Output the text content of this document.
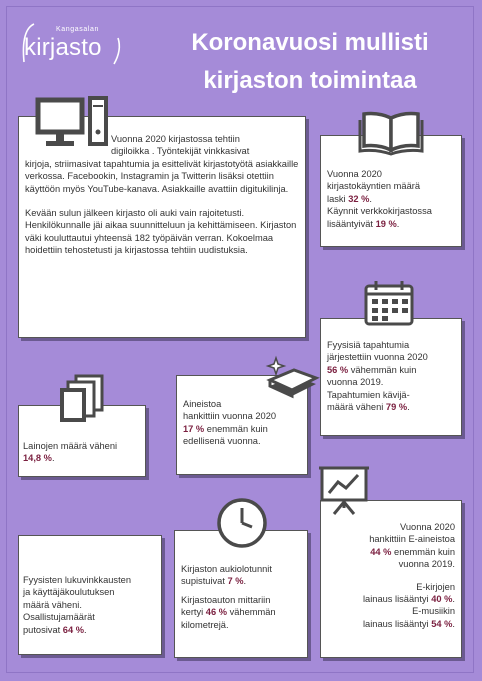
Kangasalan
kirjasto	Koronavuosi mullisti
kirjaston toimintaa
Vuonna 2020 kirjastossa tehtiin
digiloikka . Työntekijät vinkkasivat
kirjoja, striimasivat tapahtumia ja esittelivät kirjastotyötä asiakkaille verkossa. Facebookin, Instagramin ja Twitterin lisäksi otettiin käyttöön myös YouTube-kanava. Asiakkaille avattiin digitukilinja.
Kevään sulun jälkeen kirjasto oli auki vain rajoitetusti. Henkilökunnalle jäi aikaa suunnitteluun ja kehittämiseen. Kirjaston väki kouluttautui yhteensä 182 työpäivän verran. Kokoelmaa hoidettiin tehostetusti ja kirjastossa tehtiin uudistuksia.
Vuonna 2020
kirjastokäyntien määrä
laski 32 %.
Käynnit verkkokirjastossa
lisääntyivät 19 %.
Fyysisiä tapahtumia
järjestettiin vuonna 2020
56 % vähemmän kuin
vuonna 2019.
Tapahtumien kävijä-
määrä väheni 79 %.
Aineistoa
hankittiin vuonna 2020
17 % enemmän kuin
edellisenä vuonna.
Lainojen määrä väheni
14,8 %.
Fyysisten lukuvinkkausten
ja käyttäjäkoulutuksen
määrä väheni.
Osallistujamäärät
putosivat 64 %.
Kirjaston aukiolotunnit
supistuivat 7 %.
Kirjastoauton mittariin
kertyi 46 % vähemmän
kilometrejä.
Vuonna 2020
hankittiin E-aineistoa
44 % enemmän kuin
vuonna 2019.
E-kirjojen
lainaus lisääntyi 40 %.
E-musiikin
lainaus lisääntyi 54 %.
